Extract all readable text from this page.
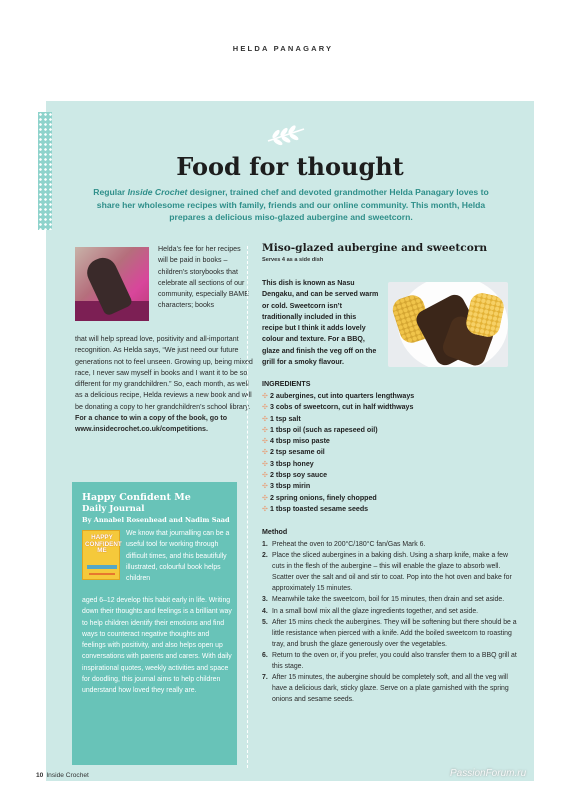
HELDA PANAGARY
Food for thought

Regular Inside Crochet designer, trained chef and devoted grandmother Helda Panagary loves to share her wholesome recipes with family, friends and our online community. This month, Helda prepares a delicious miso-glazed aubergine and sweetcorn.

Helda’s fee for her recipes will be paid in books – children’s storybooks that celebrate all sections of our community, especially BAME characters; books

that will help spread love, positivity and all-important recognition. As Helda says, “We just need our future generations not to feel unseen. Growing up, being mixed race, I never saw myself in books and I want it to be so different for my grandchildren.” So, each month, as well as a delicious recipe, Helda reviews a new book and will be donating a copy to her grandchildren’s school library.

For a chance to win a copy of the book, go to www.insidecrochet.co.uk/competitions.

Happy Confident Me
Daily Journal
By Annabel Rosenhead and Nadim Saad
HAPPY CONFIDENT ME

We know that journalling can be a useful tool for working through difficult times, and this beautifully illustrated, colourful book helps children

aged 6–12 develop this habit early in life. Writing down their thoughts and feelings is a brilliant way to help children identify their emotions and find ways to counteract negative thoughts and feelings with positivity, and also helps open up conversations with parents and carers. With daily inspirational quotes, weekly activities and space for doodling, this journal aims to help children understand how loved they really are.

Miso-glazed aubergine and sweetcorn
Serves 4 as a side dish

This dish is known as Nasu Dengaku, and can be served warm or cold. Sweetcorn isn’t traditionally included in this recipe but I think it adds lovely colour and texture. For a BBQ, glaze and finish the veg off on the grill for a smoky flavour.

INGREDIENTS
✣ 2 aubergines, cut into quarters lengthways
✣ 3 cobs of sweetcorn, cut in half widthways
✣ 1 tsp salt
✣ 1 tbsp oil (such as rapeseed oil)
✣ 4 tbsp miso paste
✣ 2 tsp sesame oil
✣ 3 tbsp honey
✣ 2 tbsp soy sauce
✣ 3 tbsp mirin
✣ 2 spring onions, finely chopped
✣ 1 tbsp toasted sesame seeds
Method
1. Preheat the oven to 200°C/180°C fan/Gas Mark 6.
2. Place the sliced aubergines in a baking dish. Using a sharp knife, make a few cuts in the flesh of the aubergine – this will enable the glaze to absorb well. Scatter over the salt and oil and stir to coat. Pop into the hot oven and bake for approximately 15 minutes.
3. Meanwhile take the sweetcorn, boil for 15 minutes, then drain and set aside.
4. In a small bowl mix all the glaze ingredients together, and set aside.
5. After 15 mins check the aubergines. They will be softening but there should be a little resistance when pierced with a knife. Add the boiled sweetcorn to roasting tray, and brush the glaze generously over the vegetables.
6. Return to the oven or, if you prefer, you could also transfer them to a BBQ grill at this stage.
7. After 15 minutes, the aubergine should be completely soft, and all the veg will have a delicious dark, sticky glaze. Serve on a plate garnished with the spring onions and sesame seeds.
10 Inside Crochet	PassionForum.ru
